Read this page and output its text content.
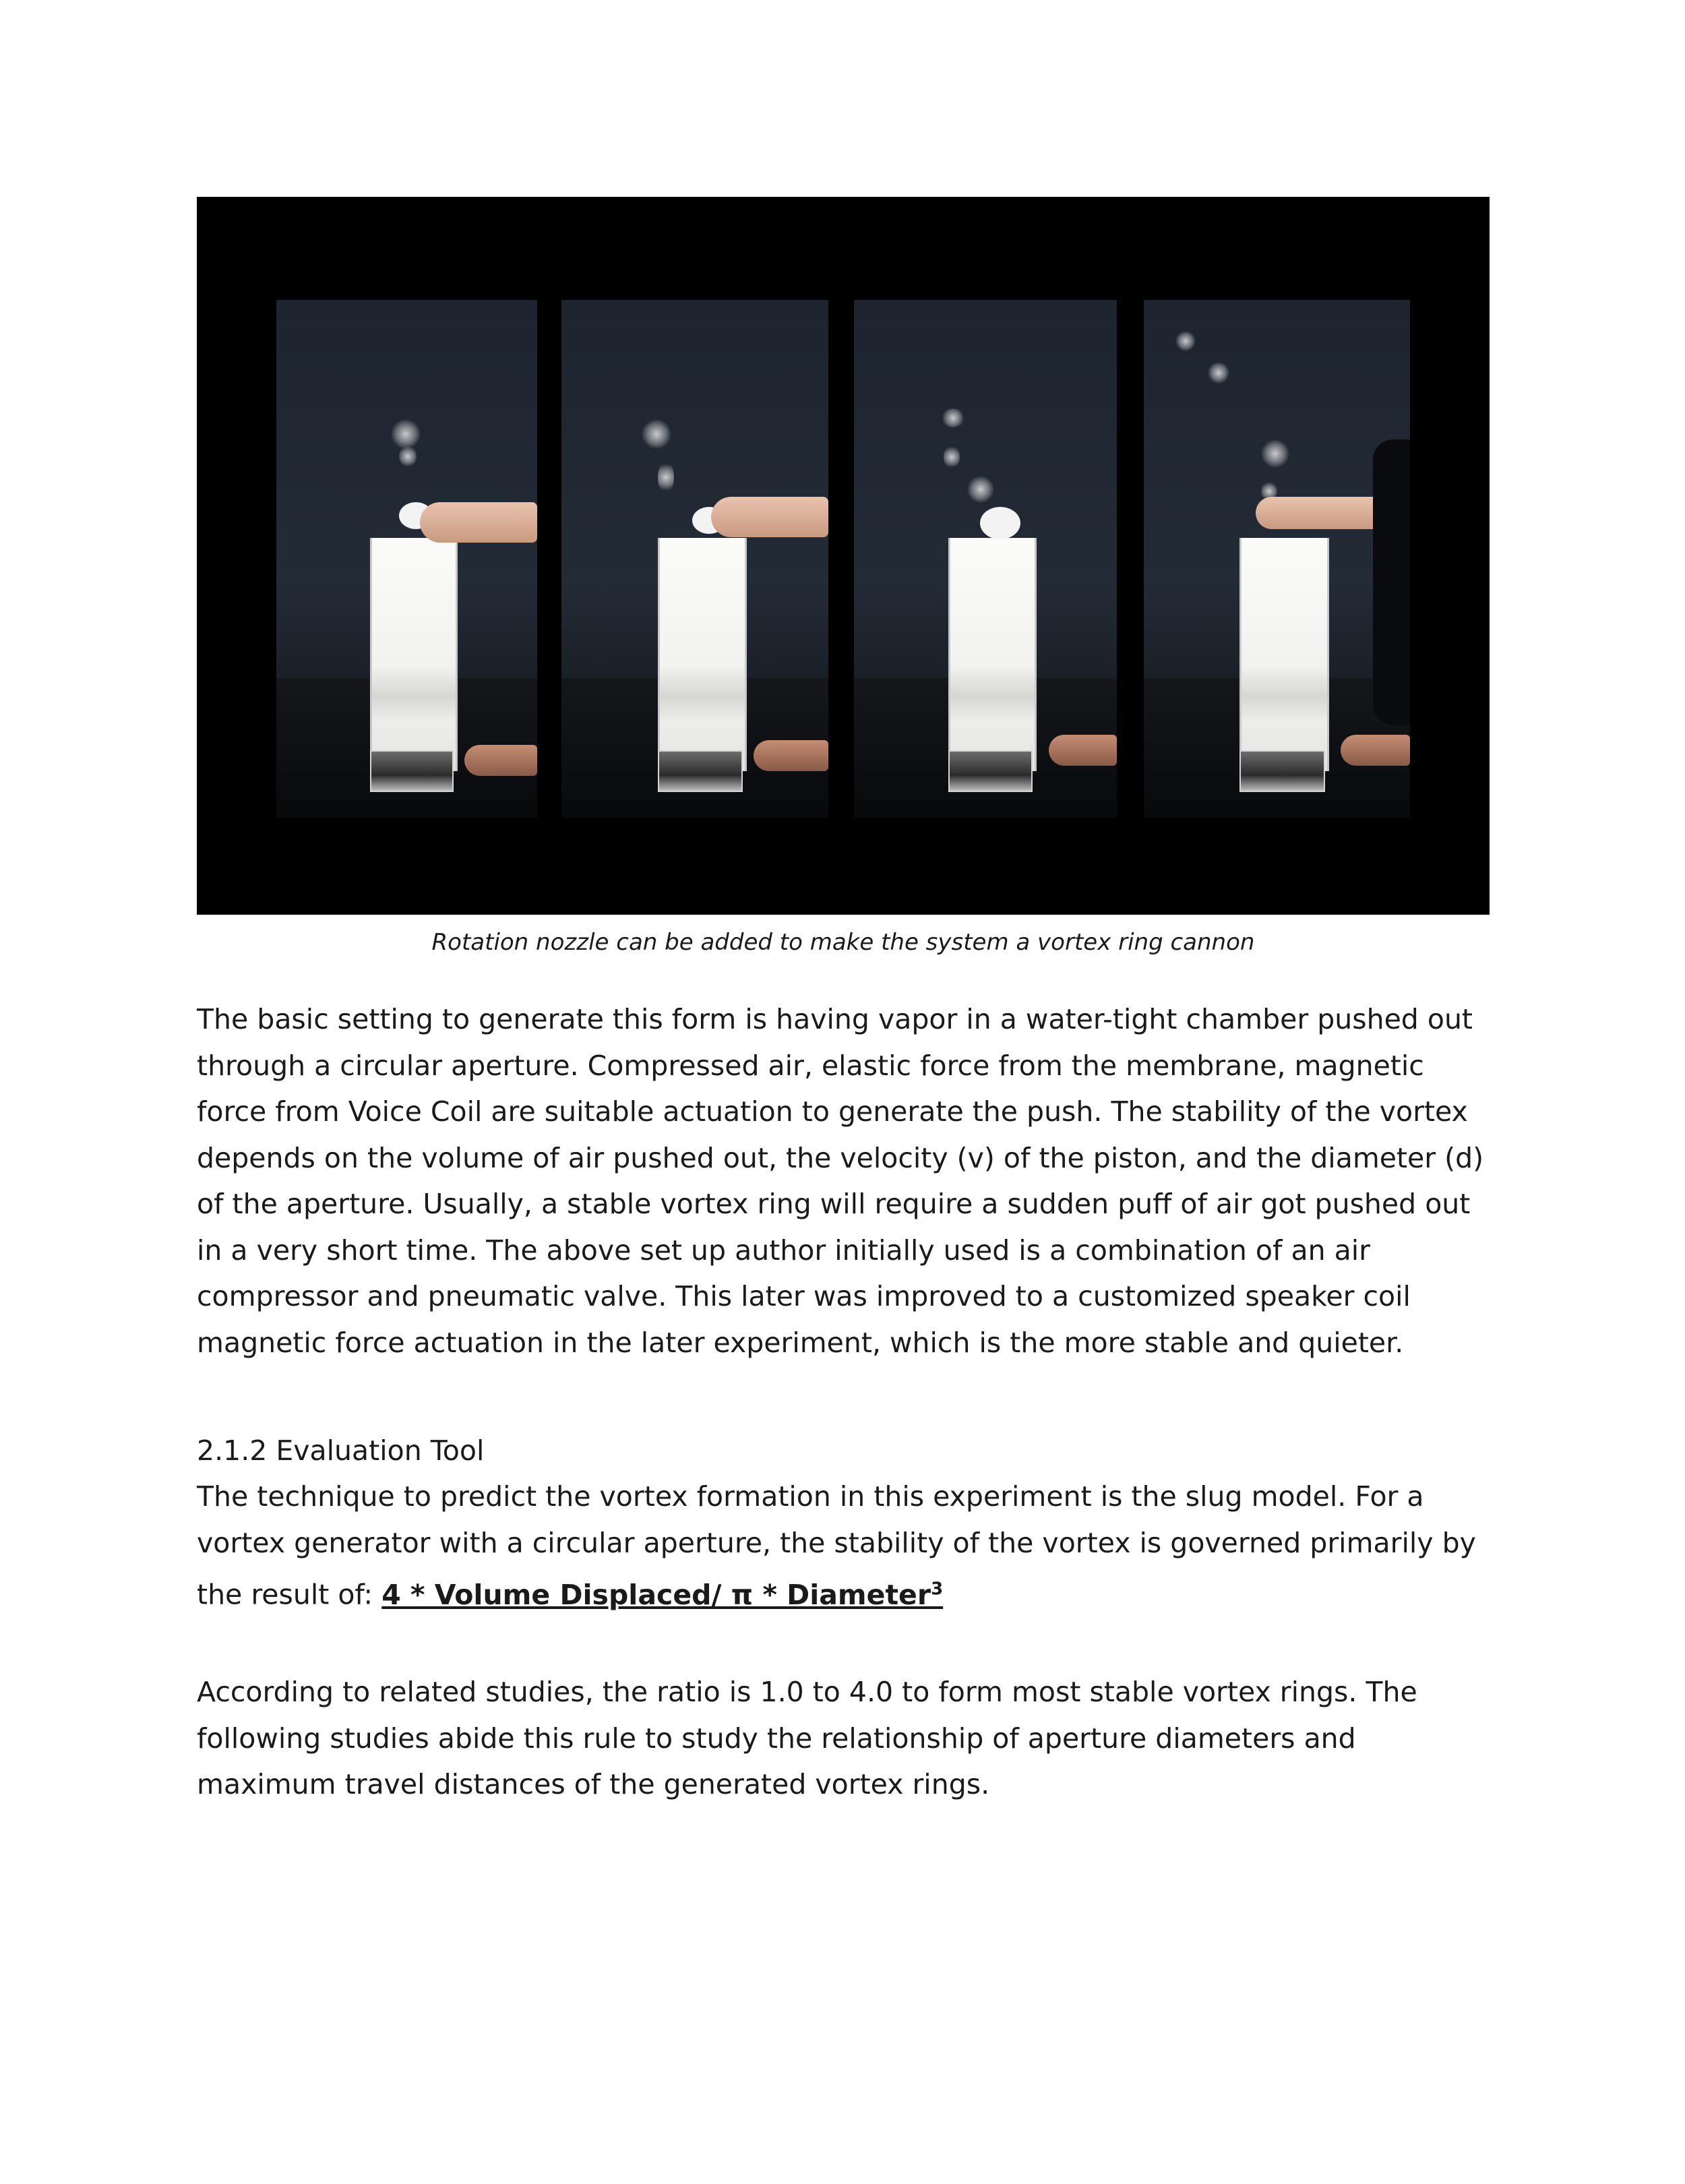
Rotation nozzle can be added to make the system a vortex ring cannon

The basic setting to generate this form is having vapor in a water-tight chamber pushed out through a circular aperture. Compressed air, elastic force from the membrane, magnetic force from Voice Coil are suitable actuation to generate the push. The stability of the vortex depends on the volume of air pushed out, the velocity (v) of the piston, and the diameter (d) of the aperture. Usually, a stable vortex ring will require a sudden puff of air got pushed out in a very short time. The above set up author initially used is a combination of an air compressor and pneumatic valve. This later was improved to a customized speaker coil magnetic force actuation in the later experiment, which is the more stable and quieter.

2.1.2 Evaluation Tool

The technique to predict the vortex formation in this experiment is the slug model. For a vortex generator with a circular aperture, the stability of the vortex is governed primarily by the result of: 4 * Volume Displaced/ π * Diameter$^3$

According to related studies, the ratio is 1.0 to 4.0 to form most stable vortex rings. The following studies abide this rule to study the relationship of aperture diameters and maximum travel distances of the generated vortex rings.
